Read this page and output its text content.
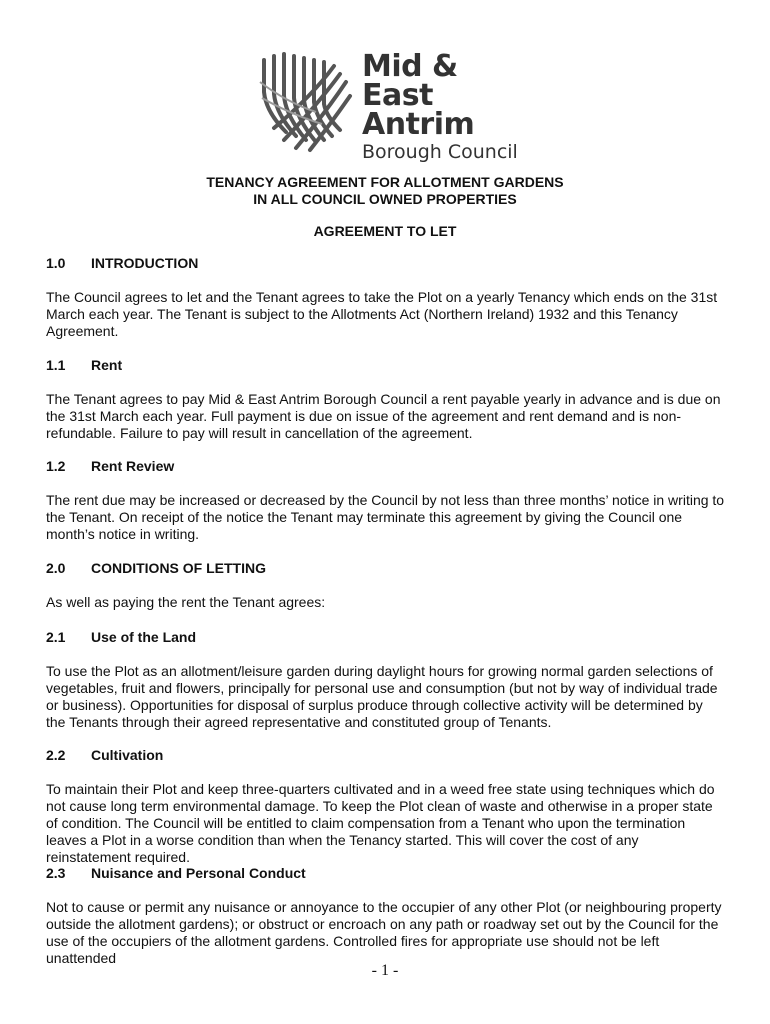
Mid & East
Antrim
Borough Council
TENANCY AGREEMENT FOR ALLOTMENT GARDENS
IN ALL COUNCIL OWNED PROPERTIES
AGREEMENT TO LET
1.0 INTRODUCTION
The Council agrees to let and the Tenant agrees to take the Plot on a yearly Tenancy which ends on the 31st March each year. The Tenant is subject to the Allotments Act (Northern Ireland) 1932 and this Tenancy Agreement.
1.1 Rent
The Tenant agrees to pay Mid & East Antrim Borough Council a rent payable yearly in advance and is due on the 31st March each year. Full payment is due on issue of the agreement and rent demand and is non-refundable. Failure to pay will result in cancellation of the agreement.
1.2 Rent Review
The rent due may be increased or decreased by the Council by not less than three months’ notice in writing to the Tenant. On receipt of the notice the Tenant may terminate this agreement by giving the Council one month’s notice in writing.
2.0 CONDITIONS OF LETTING
As well as paying the rent the Tenant agrees:
2.1 Use of the Land
To use the Plot as an allotment/leisure garden during daylight hours for growing normal garden selections of vegetables, fruit and flowers, principally for personal use and consumption (but not by way of individual trade or business). Opportunities for disposal of surplus produce through collective activity will be determined by the Tenants through their agreed representative and constituted group of Tenants.
2.2 Cultivation
To maintain their Plot and keep three-quarters cultivated and in a weed free state using techniques which do not cause long term environmental damage. To keep the Plot clean of waste and otherwise in a proper state of condition. The Council will be entitled to claim compensation from a Tenant who upon the termination leaves a Plot in a worse condition than when the Tenancy started. This will cover the cost of any reinstatement required.
2.3 Nuisance and Personal Conduct
Not to cause or permit any nuisance or annoyance to the occupier of any other Plot (or neighbouring property outside the allotment gardens); or obstruct or encroach on any path or roadway set out by the Council for the use of the occupiers of the allotment gardens. Controlled fires for appropriate use should not be left unattended
- 1 -
